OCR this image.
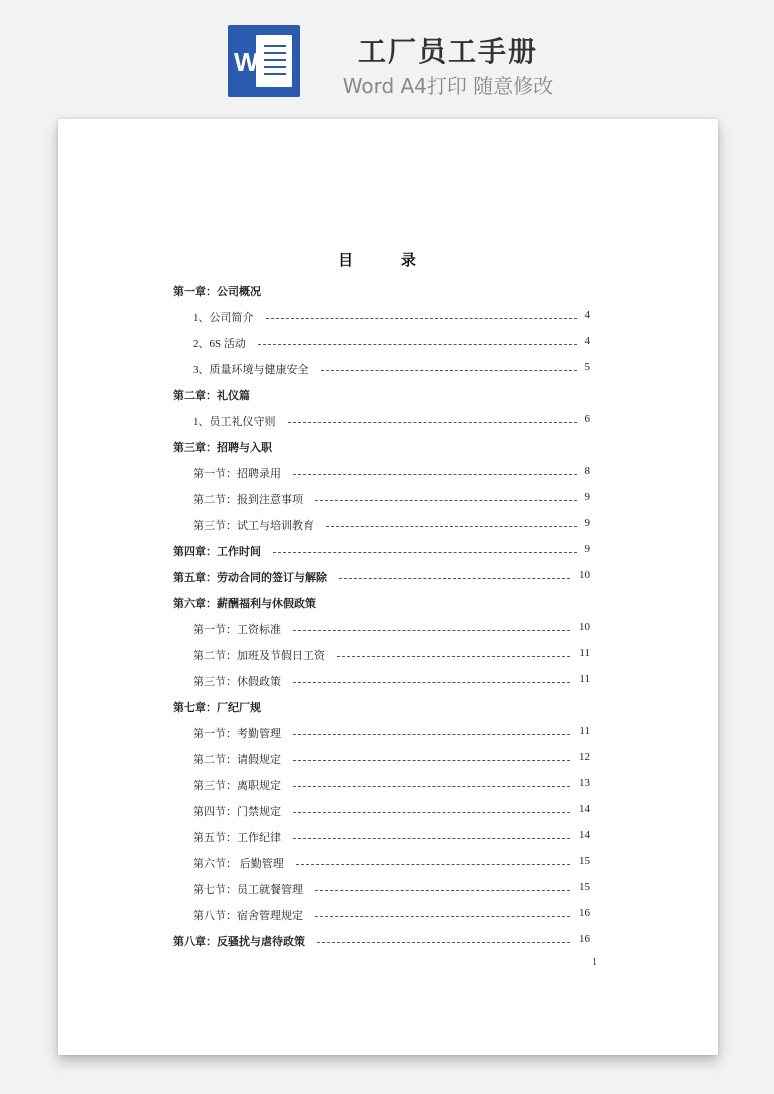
W	工厂员工手册
Word A4打印 随意修改
目 录
第一章：公司概况
1、公司简介	4
2、6S 活动	4
3、质量环境与健康安全	5
第二章：礼仪篇
1、员工礼仪守则	6
第三章：招聘与入职
第一节：招聘录用	8
第二节：报到注意事项	9
第三节：试工与培训教育	9
第四章：工作时间	9
第五章：劳动合同的签订与解除	10
第六章：薪酬福利与休假政策
第一节：工资标准	10
第二节：加班及节假日工资	11
第三节：休假政策	11
第七章：厂纪厂规
第一节：考勤管理	11
第二节：请假规定	12
第三节：离职规定	13
第四节：门禁规定	14
第五节：工作纪律	14
第六节： 后勤管理	15
第七节：员工就餐管理	15
第八节：宿舍管理规定	16
第八章：反骚扰与虐待政策	16
1
